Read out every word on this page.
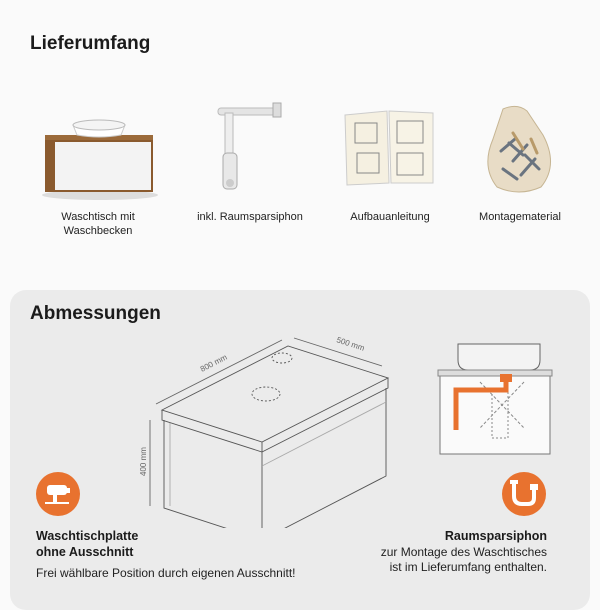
Lieferumfang
Waschtisch mit
Waschbecken
inkl. Raumsparsiphon	Aufbauanleitung	Montagematerial
Abmessungen
800 mm
500 mm
400 mm
Waschtischplatte
ohne Ausschnitt
Frei wählbare Position durch eigenen Ausschnitt!
Raumsparsiphon
zur Montage des Waschtisches
ist im Lieferumfang enthalten.
